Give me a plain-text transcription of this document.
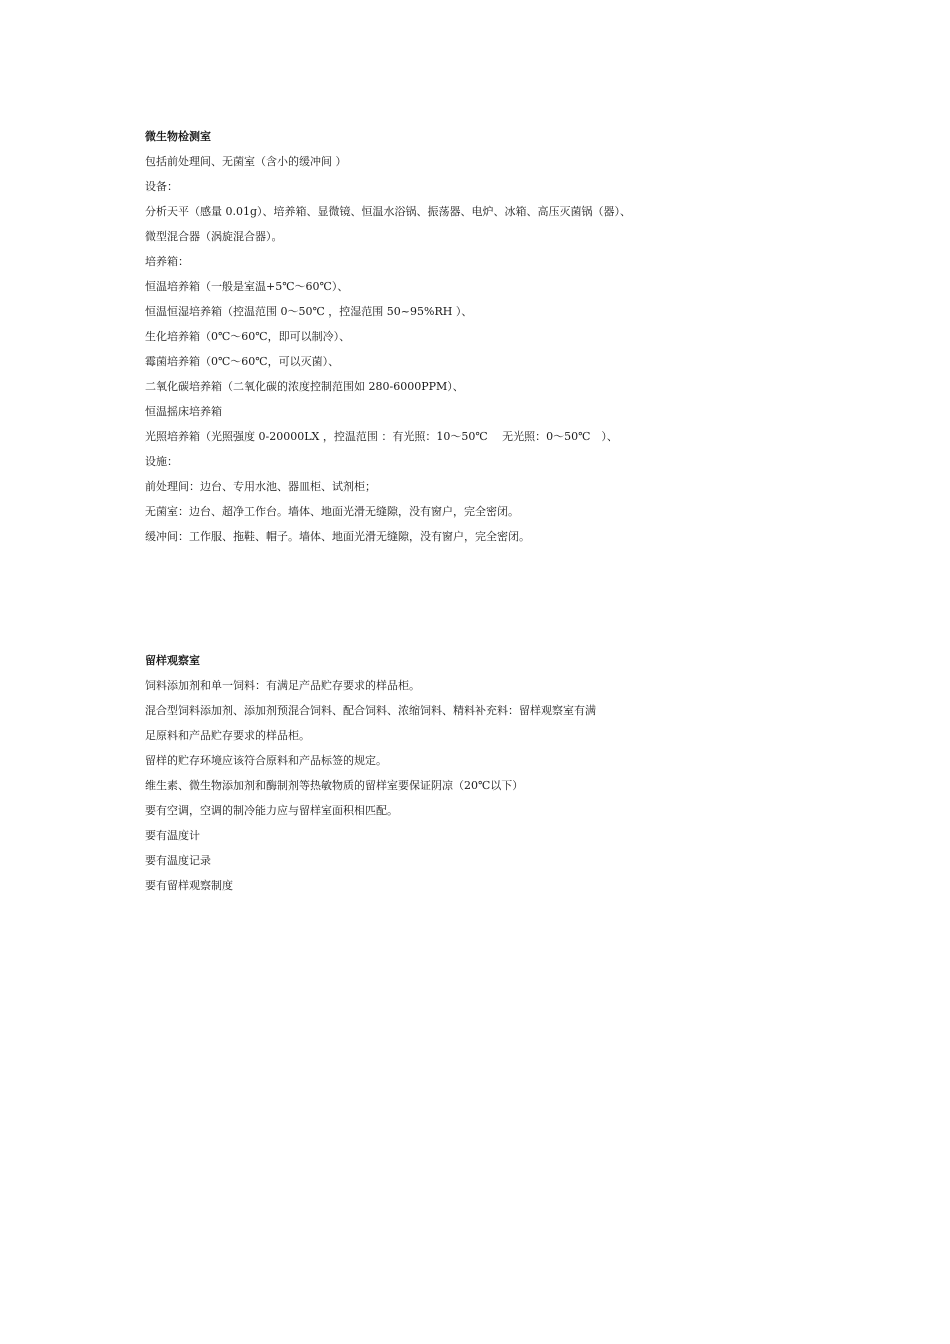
微生物检测室

包括前处理间、无菌室（含小的缓冲间 ）

设备：

分析天平（感量 0.01g）、培养箱、显微镜、恒温水浴锅、振荡器、电炉、冰箱、高压灭菌锅（器）、

微型混合器（涡旋混合器）。

培养箱：

恒温培养箱（一般是室温+5℃～60℃）、

恒温恒湿培养箱（控温范围 0～50℃ ，控湿范围 50~95%RH ）、

生化培养箱（0℃～60℃，即可以制冷）、

霉菌培养箱（0℃～60℃，可以灭菌）、

二氧化碳培养箱（二氧化碳的浓度控制范围如 280-6000PPM）、

恒温摇床培养箱

光照培养箱（光照强度 0-20000LX ，控温范围 ：有光照：10～50℃　 无光照：0～50℃　）、

设施：

前处理间：边台、专用水池、器皿柜、试剂柜；

无菌室：边台、超净工作台。墙体、地面光滑无缝隙，没有窗户，完全密闭。

缓冲间：工作服、拖鞋、帽子。墙体、地面光滑无缝隙，没有窗户，完全密闭。

留样观察室

饲料添加剂和单一饲料：有满足产品贮存要求的样品柜。

混合型饲料添加剂、添加剂预混合饲料、配合饲料、浓缩饲料、精料补充料：留样观察室有满

足原料和产品贮存要求的样品柜。

留样的贮存环境应该符合原料和产品标签的规定。

维生素、微生物添加剂和酶制剂等热敏物质的留样室要保证阴凉（20℃以下）

要有空调，空调的制冷能力应与留样室面积相匹配。

要有温度计

要有温度记录

要有留样观察制度
